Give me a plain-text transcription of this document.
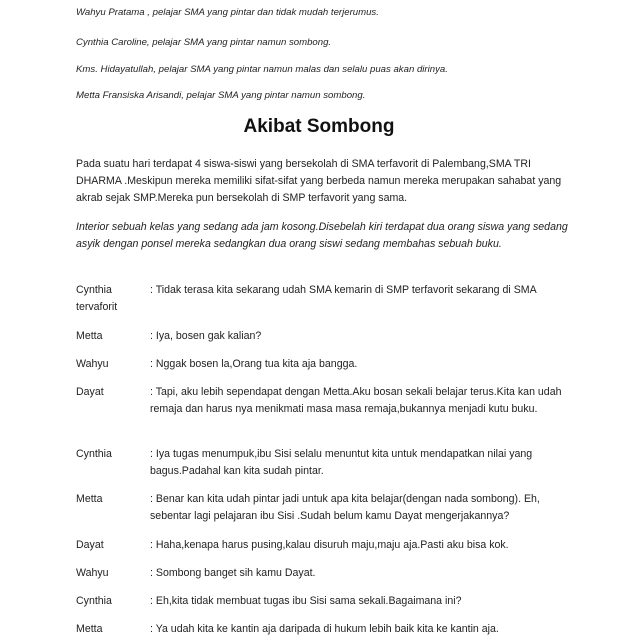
Wahyu Pratama , pelajar SMA yang pintar dan tidak mudah terjerumus.

Cynthia Caroline, pelajar SMA yang pintar namun sombong.

Kms. Hidayatullah, pelajar SMA yang pintar namun malas dan selalu puas akan dirinya.

Metta Fransiska Arisandi, pelajar SMA yang pintar namun sombong.

Akibat Sombong

Pada suatu hari terdapat 4 siswa-siswi yang bersekolah di SMA terfavorit di Palembang,SMA TRI DHARMA .Meskipun mereka memiliki sifat-sifat yang berbeda namun mereka merupakan sahabat yang akrab sejak SMP.Mereka pun bersekolah di SMP terfavorit yang sama.

Interior sebuah kelas yang sedang ada jam kosong.Disebelah kiri terdapat dua orang siswa yang sedang asyik dengan ponsel mereka sedangkan dua orang siswi sedang membahas sebuah buku.

Cynthia	: Tidak terasa kita sekarang udah SMA kemarin di SMP terfavorit sekarang di SMA tervaforit
Metta	: Iya, bosen gak kalian?
Wahyu	: Nggak bosen la,Orang tua kita aja bangga.
Dayat	: Tapi, aku lebih sependapat dengan Metta.Aku bosan sekali belajar terus.Kita kan udah remaja dan harus nya menikmati masa masa remaja,bukannya menjadi kutu buku.
Cynthia	: Iya tugas menumpuk,ibu Sisi selalu menuntut kita untuk mendapatkan nilai yang bagus.Padahal kan kita sudah pintar.
Metta	: Benar kan kita udah pintar jadi untuk apa kita belajar(dengan nada sombong). Eh, sebentar lagi pelajaran ibu Sisi .Sudah belum kamu Dayat mengerjakannya?
Dayat	: Haha,kenapa harus pusing,kalau disuruh maju,maju aja.Pasti aku bisa kok.
Wahyu	: Sombong banget sih kamu Dayat.
Cynthia	: Eh,kita tidak membuat tugas ibu Sisi sama sekali.Bagaimana ini?
Metta	: Ya udah kita ke kantin aja daripada di hukum lebih baik kita ke kantin aja.
